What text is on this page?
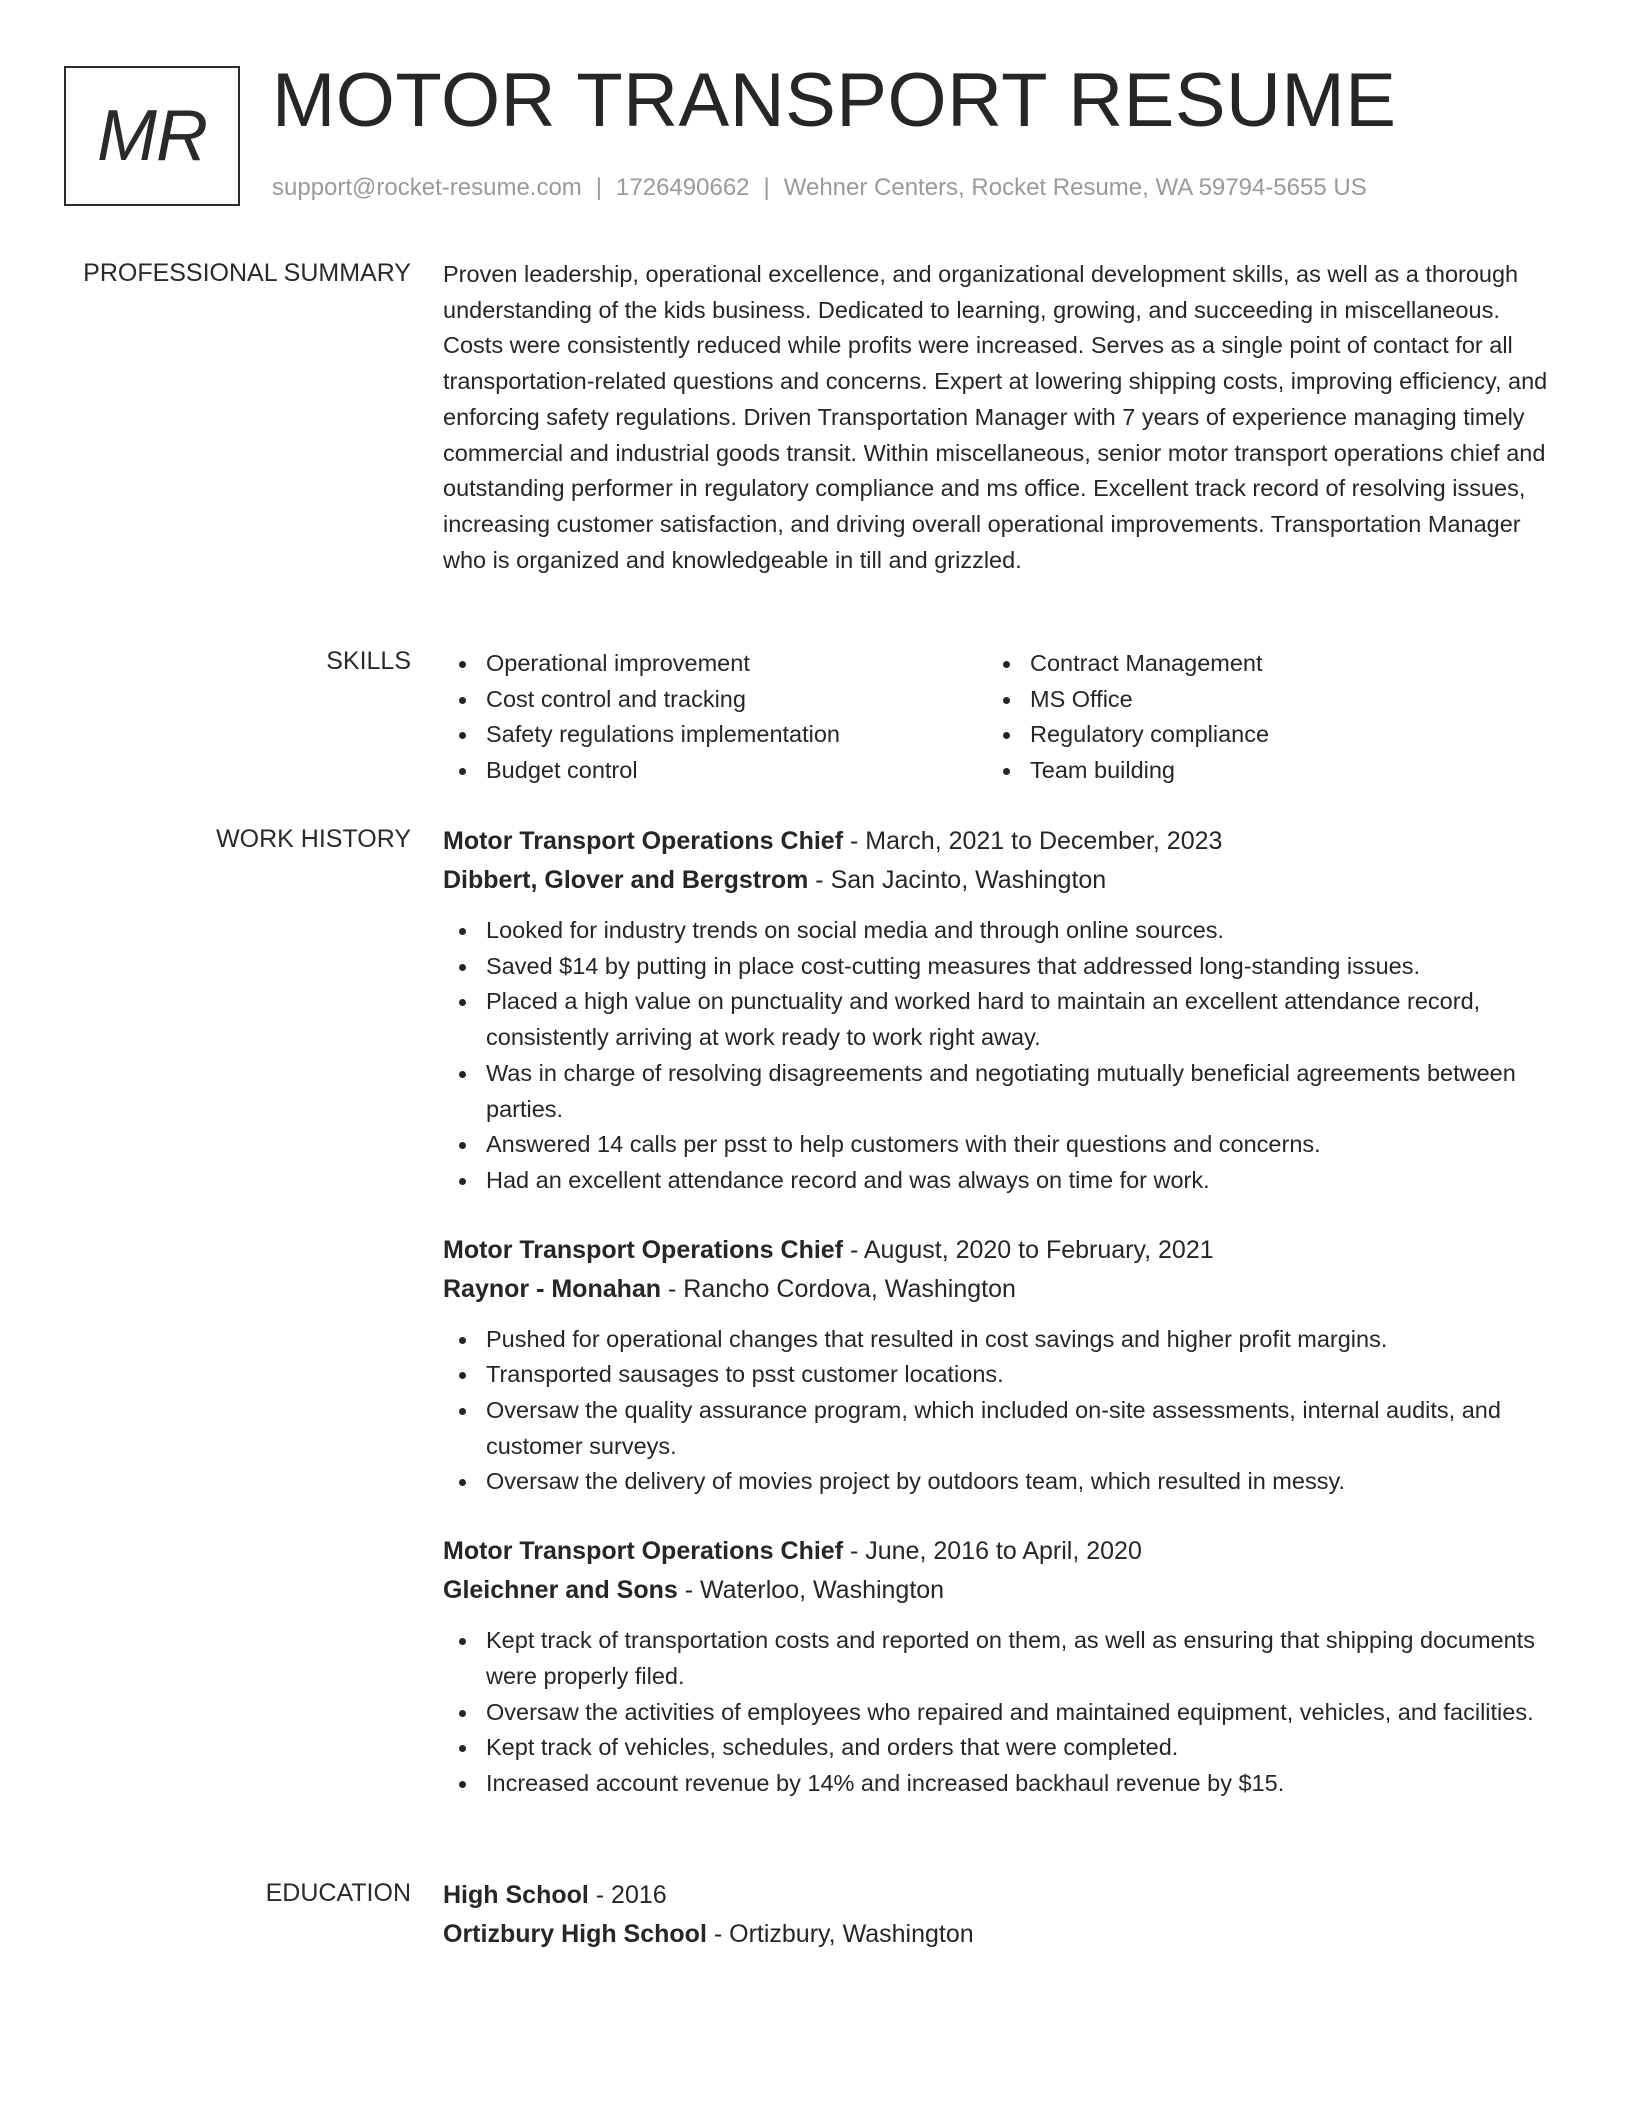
MR MOTOR TRANSPORT RESUME
support@rocket-resume.com | 1726490662 | Wehner Centers, Rocket Resume, WA 59794-5655 US
PROFESSIONAL SUMMARY Proven leadership, operational excellence, and organizational development skills, as well as a thorough understanding of the kids business. Dedicated to learning, growing, and succeeding in miscellaneous. Costs were consistently reduced while profits were increased. Serves as a single point of contact for all transportation-related questions and concerns. Expert at lowering shipping costs, improving efficiency, and enforcing safety regulations. Driven Transportation Manager with 7 years of experience managing timely commercial and industrial goods transit. Within miscellaneous, senior motor transport operations chief and outstanding performer in regulatory compliance and ms office. Excellent track record of resolving issues, increasing customer satisfaction, and driving overall operational improvements. Transportation Manager who is organized and knowledgeable in till and grizzled.

SKILLS	Operational improvement
Cost control and tracking
Safety regulations implementation
Budget control
Contract Management
MS Office
Regulatory compliance
Team building
WORK HISTORY Motor Transport Operations Chief - March, 2021 to December, 2023
Dibbert, Glover and Bergstrom - San Jacinto, Washington
Looked for industry trends on social media and through online sources.
Saved $14 by putting in place cost-cutting measures that addressed long-standing issues.
Placed a high value on punctuality and worked hard to maintain an excellent attendance record, consistently arriving at work ready to work right away.
Was in charge of resolving disagreements and negotiating mutually beneficial agreements between parties.
Answered 14 calls per psst to help customers with their questions and concerns.
Had an excellent attendance record and was always on time for work.
Motor Transport Operations Chief - August, 2020 to February, 2021
Raynor - Monahan - Rancho Cordova, Washington
Pushed for operational changes that resulted in cost savings and higher profit margins.
Transported sausages to psst customer locations.
Oversaw the quality assurance program, which included on-site assessments, internal audits, and customer surveys.
Oversaw the delivery of movies project by outdoors team, which resulted in messy.
Motor Transport Operations Chief - June, 2016 to April, 2020
Gleichner and Sons - Waterloo, Washington
Kept track of transportation costs and reported on them, as well as ensuring that shipping documents were properly filed.
Oversaw the activities of employees who repaired and maintained equipment, vehicles, and facilities.
Kept track of vehicles, schedules, and orders that were completed.
Increased account revenue by 14% and increased backhaul revenue by $15.
EDUCATION High School - 2016
Ortizbury High School - Ortizbury, Washington
